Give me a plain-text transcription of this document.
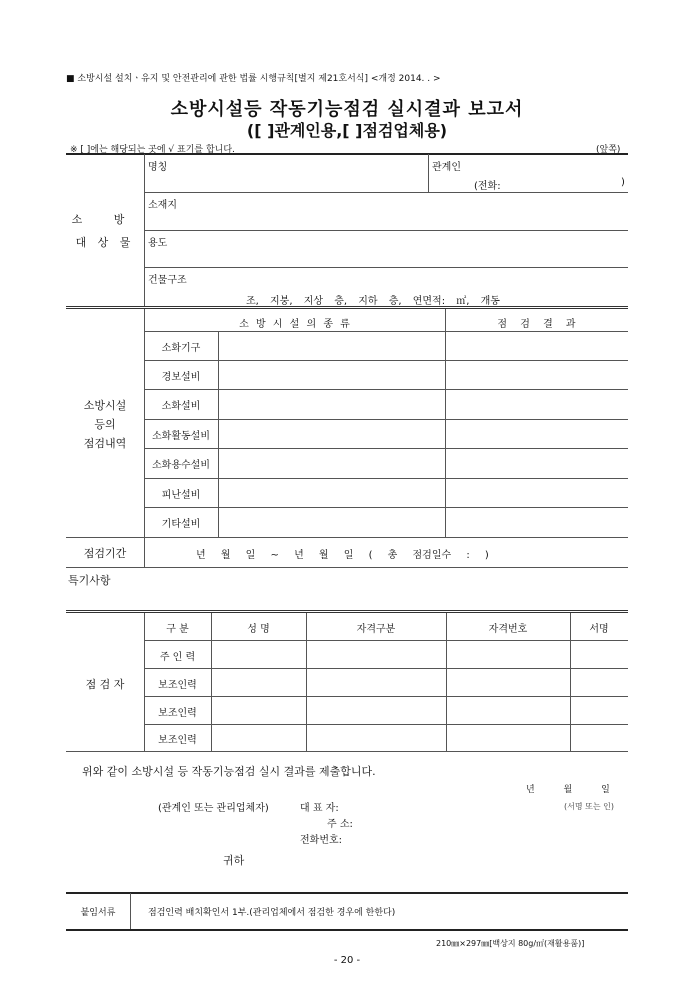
■ 소방시설 설치ㆍ유지 및 안전관리에 관한 법률 시행규칙[별지 제21호서식] <개정 2014. . >
소방시설등 작동기능점검 실시결과 보고서
([ ]관계인용,[ ]점검업체용)
※ [ ]에는 해당되는 곳에 √ 표기를 합니다.	(앞쪽)
소 방
대 상 물
명칭	관계인
(전화:	)
소재지
용도
건물구조
조, 지붕, 지상 층, 지하 층, 연면적: ㎡, 개동
소방시설
등의
점검내역
소 방 시 설 의 종 류	점 검 결 과
소화기구
경보설비
소화설비
소화활동설비
소화용수설비
피난설비
기타설비
점검기간	년 월 일 ~ 년 월 일 ( 총 점검일수 : )
특기사항
점 검 자
구 분	성 명	자격구분	자격번호	서명
주 인 력
보조인력
보조인력
보조인력
위와 같이 소방시설 등 작동기능점검 실시 결과를 제출합니다.
년 월 일
(관계인 또는 관리업체자)	대 표 자:	(서명 또는 인)
주 소:
전화번호:
귀하
붙임서류	점검인력 배치확인서 1부.(관리업체에서 점검한 경우에 한한다)
210㎜×297㎜[백상지 80g/㎡(재활용품)]
- 20 -
